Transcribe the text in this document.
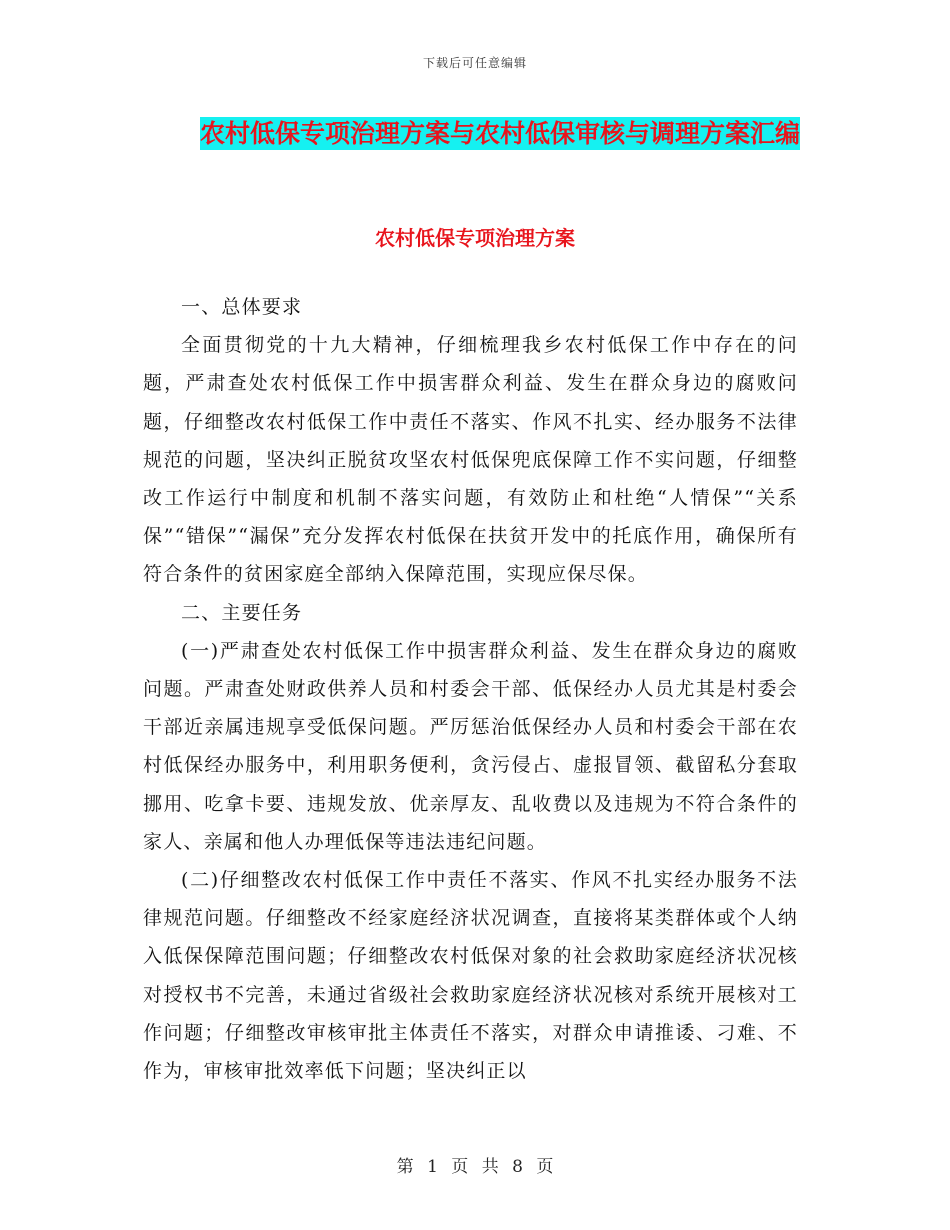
下载后可任意编辑
农村低保专项治理方案与农村低保审核与调理方案汇编
农村低保专项治理方案

一、总体要求

全面贯彻党的十九大精神，仔细梳理我乡农村低保工作中存在的问题，严肃查处农村低保工作中损害群众利益、发生在群众身边的腐败问题，仔细整改农村低保工作中责任不落实、作风不扎实、经办服务不法律规范的问题，坚决纠正脱贫攻坚农村低保兜底保障工作不实问题，仔细整改工作运行中制度和机制不落实问题，有效防止和杜绝“人情保”“关系保”“错保”“漏保”充分发挥农村低保在扶贫开发中的托底作用，确保所有符合条件的贫困家庭全部纳入保障范围，实现应保尽保。

二、主要任务

(一)严肃查处农村低保工作中损害群众利益、发生在群众身边的腐败问题。严肃查处财政供养人员和村委会干部、低保经办人员尤其是村委会干部近亲属违规享受低保问题。严厉惩治低保经办人员和村委会干部在农村低保经办服务中，利用职务便利，贪污侵占、虚报冒领、截留私分套取挪用、吃拿卡要、违规发放、优亲厚友、乱收费以及违规为不符合条件的家人、亲属和他人办理低保等违法违纪问题。

(二)仔细整改农村低保工作中责任不落实、作风不扎实经办服务不法律规范问题。仔细整改不经家庭经济状况调查，直接将某类群体或个人纳入低保保障范围问题；仔细整改农村低保对象的社会救助家庭经济状况核对授权书不完善，未通过省级社会救助家庭经济状况核对系统开展核对工作问题；仔细整改审核审批主体责任不落实，对群众申请推诿、刁难、不作为，审核审批效率低下问题；坚决纠正以

第 1 页 共 8 页
